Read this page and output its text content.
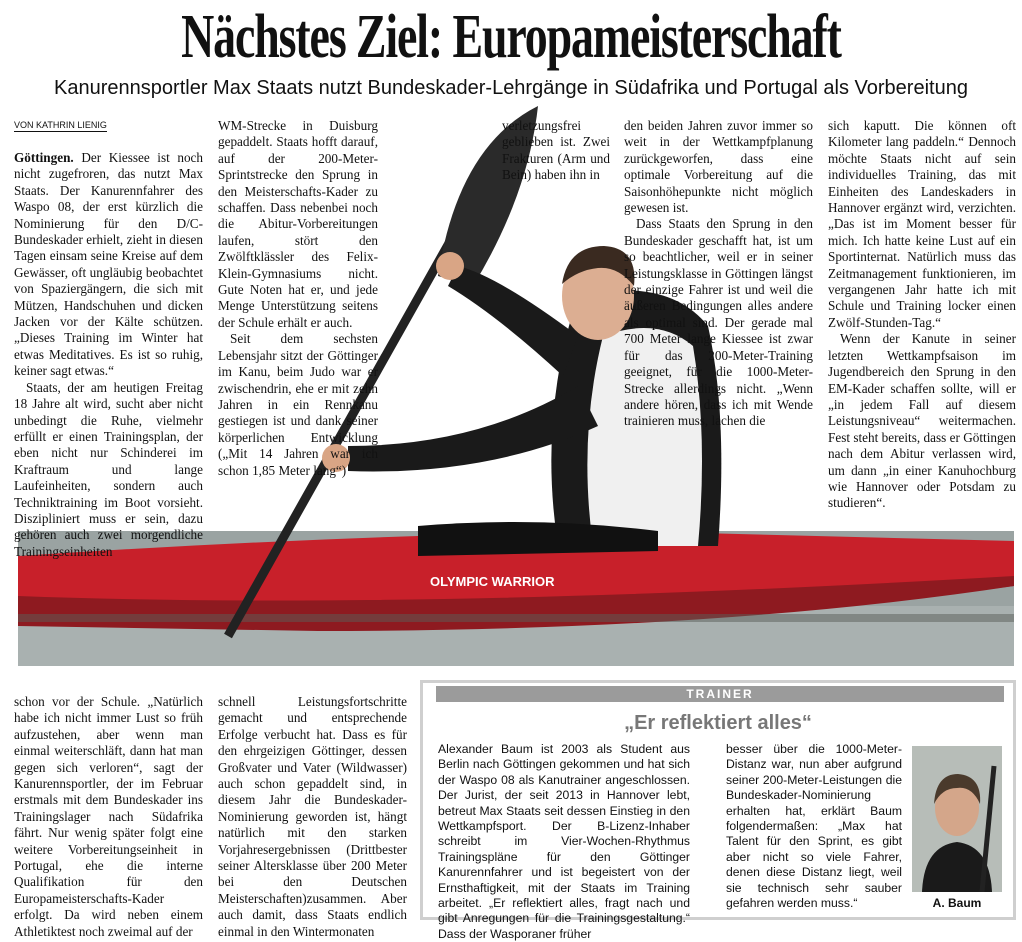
Nächstes Ziel: Europameisterschaft
Kanurennsportler Max Staats nutzt Bundeskader-Lehrgänge in Südafrika und Portugal als Vorbereitung
VON KATHRIN LIENIG
OLYMPIC WARRIOR

Göttingen. Der Kiessee ist noch nicht zugefroren, das nutzt Max Staats. Der Kanurennfahrer des Waspo 08, der erst kürzlich die Nominierung für den D/C-Bundeskader erhielt, zieht in diesen Tagen einsam seine Kreise auf dem Gewässer, oft ungläubig beobachtet von Spaziergängern, die sich mit Mützen, Handschuhen und dicken Jacken vor der Kälte schützen. „Dieses Training im Winter hat etwas Meditatives. Es ist so ruhig, keiner sagt etwas.“

Staats, der am heutigen Freitag 18 Jahre alt wird, sucht aber nicht unbedingt die Ruhe, vielmehr erfüllt er einen Trainingsplan, der eben nicht nur Schinderei im Kraftraum und lange Laufeinheiten, sondern auch Techniktraining im Boot vorsieht. Diszipliniert muss er sein, dazu gehören auch zwei morgendliche Trainingseinheiten

WM-Strecke in Duisburg gepaddelt. Staats hofft darauf, auf der 200-Meter-Sprintstrecke den Sprung in den Meisterschafts-Kader zu schaffen. Dass nebenbei noch die Abitur-Vorbereitungen laufen, stört den Zwölftklässler des Felix-Klein-Gymnasiums nicht. Gute Noten hat er, und jede Menge Unterstützung seitens der Schule erhält er auch.

Seit dem sechsten Lebensjahr sitzt der Göttinger im Kanu, beim Judo war er zwischendrin, ehe er mit zehn Jahren in ein Rennkanu gestiegen ist und dank seiner körperlichen Entwicklung („Mit 14 Jahren war ich schon 1,85 Meter lang“)

verletzungsfrei geblieben ist. Zwei Frakturen (Arm und Bein) haben ihn in

den beiden Jahren zuvor immer so weit in der Wettkampfplanung zurückgeworfen, dass eine optimale Vorbereitung auf die Saisonhöhepunkte nicht möglich gewesen ist.

Dass Staats den Sprung in den Bundeskader geschafft hat, ist um so beachtlicher, weil er in seiner Leistungsklasse in Göttingen längst der einzige Fahrer ist und weil die äußeren Bedingungen alles andere als optimal sind. Der gerade mal 700 Meter lange Kiessee ist zwar für das 200-Meter-Training geeignet, für die 1000-Meter-Strecke allerdings nicht. „Wenn andere hören, dass ich mit Wende trainieren muss, lachen die

sich kaputt. Die können oft Kilometer lang paddeln.“ Dennoch möchte Staats nicht auf sein individuelles Training, das mit Einheiten des Landeskaders in Hannover ergänzt wird, verzichten. „Das ist im Moment besser für mich. Ich hatte keine Lust auf ein Sportinternat. Natürlich muss das Zeitmanagement funktionieren, im vergangenen Jahr hatte ich mit Schule und Training locker einen Zwölf-Stunden-Tag.“

Wenn der Kanute in seiner letzten Wettkampfsaison im Jugendbereich den Sprung in den EM-Kader schaffen sollte, will er „in jedem Fall auf diesem Leistungsniveau“ weitermachen. Fest steht bereits, dass er Göttingen nach dem Abitur verlassen wird, um dann „in einer Kanuhochburg wie Hannover oder Potsdam zu studieren“.

schon vor der Schule. „Natürlich habe ich nicht immer Lust so früh aufzustehen, aber wenn man einmal weiterschläft, dann hat man gegen sich verloren“, sagt der Kanurennsportler, der im Februar erstmals mit dem Bundeskader ins Trainingslager nach Südafrika fährt. Nur wenig später folgt eine weitere Vorbereitungseinheit in Portugal, ehe die interne Qualifikation für den Europameisterschafts-Kader erfolgt. Da wird neben einem Athletiktest noch zweimal auf der

schnell Leistungsfortschritte gemacht und entsprechende Erfolge verbucht hat. Dass es für den ehrgeizigen Göttinger, dessen Großvater und Vater (Wildwasser) auch schon gepaddelt sind, in diesem Jahr die Bundeskader-Nominierung geworden ist, hängt natürlich mit den starken Vorjahresergebnissen (Drittbester seiner Altersklasse über 200 Meter bei den Deutschen Meisterschaften)zusammen. Aber auch damit, dass Staats endlich einmal in den Wintermonaten

TRAINER
„Er reflektiert alles“
Alexander Baum ist 2003 als Student aus Berlin nach Göttingen gekommen und hat sich der Waspo 08 als Kanutrainer angeschlossen. Der Jurist, der seit 2013 in Hannover lebt, betreut Max Staats seit dessen Einstieg in den Wettkampfsport. Der B-Lizenz-Inhaber schreibt im Vier-Wochen-Rhythmus Trainingspläne für den Göttinger Kanurennfahrer und ist begeistert von der Ernsthaftigkeit, mit der Staats im Training arbeitet. „Er reflektiert alles, fragt nach und gibt Anregungen für die Trainingsgestaltung.“ Dass der Wasporaner früher
besser über die 1000-Meter-Distanz war, nun aber aufgrund seiner 200-Meter-Leistungen die Bundeskader-Nominierung erhalten hat, erklärt Baum folgendermaßen: „Max hat Talent für den Sprint, es gibt aber nicht so viele Fahrer, denen diese Distanz liegt, weil sie technisch sehr sauber gefahren werden muss.“	A. Baum
